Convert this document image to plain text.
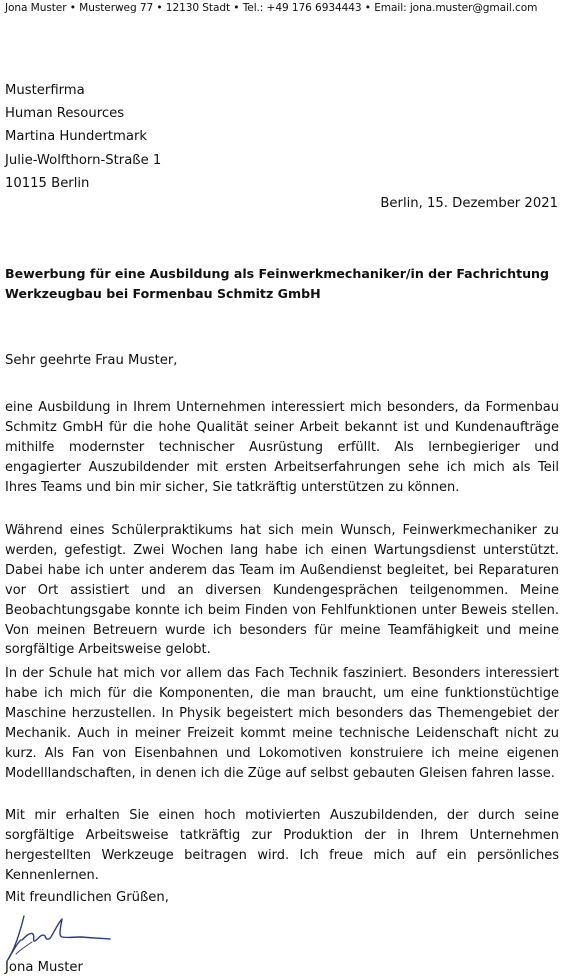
Jona Muster • Musterweg 77 • 12130 Stadt • Tel.: +49 176 6934443 • Email: jona.muster@gmail.com
Musterfirma
Human Resources
Martina Hundertmark
Julie-Wolfthorn-Straße 1
10115 Berlin
Berlin, 15. Dezember 2021
Bewerbung für eine Ausbildung als Feinwerkmechaniker/in der Fachrichtung Werkzeugbau bei Formenbau Schmitz GmbH
Sehr geehrte Frau Muster,
eine Ausbildung in Ihrem Unternehmen interessiert mich besonders, da Formenbau Schmitz GmbH für die hohe Qualität seiner Arbeit bekannt ist und Kundenaufträge mithilfe modernster technischer Ausrüstung erfüllt. Als lernbegieriger und engagierter Auszubildender mit ersten Arbeitserfahrungen sehe ich mich als Teil Ihres Teams und bin mir sicher, Sie tatkräftig unterstützen zu können.
Während eines Schülerpraktikums hat sich mein Wunsch, Feinwerkmechaniker zu werden, gefestigt. Zwei Wochen lang habe ich einen Wartungsdienst unterstützt. Dabei habe ich unter anderem das Team im Außendienst begleitet, bei Reparaturen vor Ort assistiert und an diversen Kundengesprächen teilgenommen. Meine Beobachtungsgabe konnte ich beim Finden von Fehlfunktionen unter Beweis stellen. Von meinen Betreuern wurde ich besonders für meine Teamfähigkeit und meine sorgfältige Arbeitsweise gelobt.
In der Schule hat mich vor allem das Fach Technik fasziniert. Besonders interessiert habe ich mich für die Komponenten, die man braucht, um eine funktionstüchtige Maschine herzustellen. In Physik begeistert mich besonders das Themengebiet der Mechanik. Auch in meiner Freizeit kommt meine technische Leidenschaft nicht zu kurz. Als Fan von Eisenbahnen und Lokomotiven konstruiere ich meine eigenen Modelllandschaften, in denen ich die Züge auf selbst gebauten Gleisen fahren lasse.
Mit mir erhalten Sie einen hoch motivierten Auszubildenden, der durch seine sorgfältige Arbeitsweise tatkräftig zur Produktion der in Ihrem Unternehmen hergestellten Werkzeuge beitragen wird. Ich freue mich auf ein persönliches Kennenlernen.
Mit freundlichen Grüßen,
Jona Muster
